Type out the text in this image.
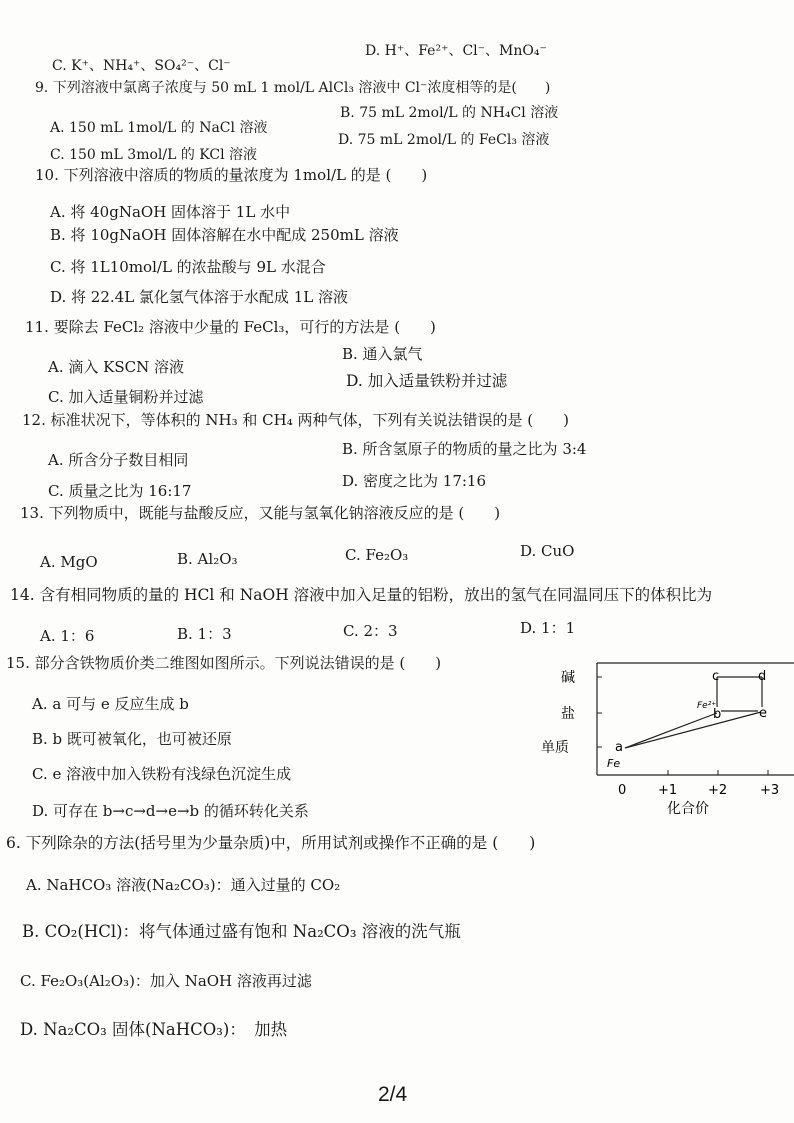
C. K⁺、NH₄⁺、SO₄²⁻、Cl⁻
D. H⁺、Fe²⁺、Cl⁻、MnO₄⁻
9. 下列溶液中氯离子浓度与 50 mL 1 mol/L AlCl₃ 溶液中 Cl⁻浓度相等的是(　　)
A. 150 mL 1mol/L 的 NaCl 溶液
B. 75 mL 2mol/L 的 NH₄Cl 溶液
C. 150 mL 3mol/L 的 KCl 溶液
D. 75 mL 2mol/L 的 FeCl₃ 溶液
10. 下列溶液中溶质的物质的量浓度为 1mol/L 的是 (　　)
A. 将 40gNaOH 固体溶于 1L 水中
B. 将 10gNaOH 固体溶解在水中配成 250mL 溶液
C. 将 1L10mol/L 的浓盐酸与 9L 水混合
D. 将 22.4L 氯化氢气体溶于水配成 1L 溶液
11. 要除去 FeCl₂ 溶液中少量的 FeCl₃，可行的方法是 (　　)
A. 滴入 KSCN 溶液
B. 通入氯气
C. 加入适量铜粉并过滤
D. 加入适量铁粉并过滤
12. 标准状况下，等体积的 NH₃ 和 CH₄ 两种气体，下列有关说法错误的是 (　　)
A. 所含分子数目相同
B. 所含氢原子的物质的量之比为 3:4
C. 质量之比为 16:17
D. 密度之比为 17:16
13. 下列物质中，既能与盐酸反应，又能与氢氧化钠溶液反应的是 (　　)
A. MgO	B. Al₂O₃	C. Fe₂O₃	D. CuO
14. 含有相同物质的量的 HCl 和 NaOH 溶液中加入足量的铝粉，放出的氢气在同温同压下的体积比为
A. 1：6	B. 1：3	C. 2：3	D. 1：1
15. 部分含铁物质价类二维图如图所示。下列说法错误的是 (　　)
A. a 可与 e 反应生成 b
B. b 既可被氧化，也可被还原
C. e 溶液中加入铁粉有浅绿色沉淀生成
D. 可存在 b→c→d→e→b 的循环转化关系
碱
盐
单质
0 +1 +2	+3
化合价
a
b
c	d
e
Fe²⁺
Fe
6. 下列除杂的方法(括号里为少量杂质)中，所用试剂或操作不正确的是 (　　)
A. NaHCO₃ 溶液(Na₂CO₃)：通入过量的 CO₂
B. CO₂(HCl)：将气体通过盛有饱和 Na₂CO₃ 溶液的洗气瓶
C. Fe₂O₃(Al₂O₃)：加入 NaOH 溶液再过滤
D. Na₂CO₃ 固体(NaHCO₃)：　加热
2/4
